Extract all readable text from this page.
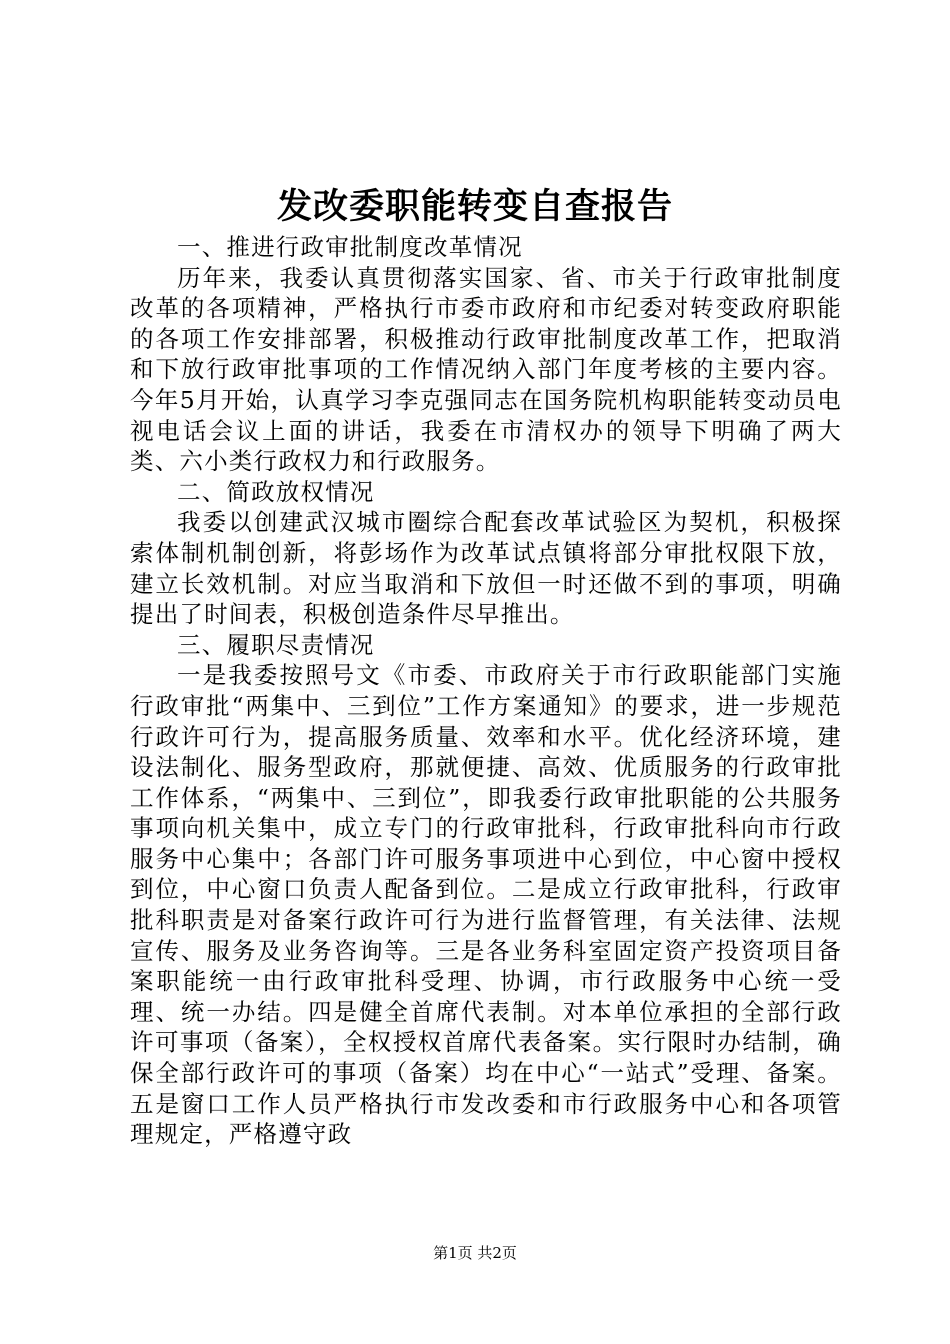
发改委职能转变自查报告

一、推进行政审批制度改革情况

历年来，我委认真贯彻落实国家、省、市关于行政审批制度改革的各项精神，严格执行市委市政府和市纪委对转变政府职能的各项工作安排部署，积极推动行政审批制度改革工作，把取消和下放行政审批事项的工作情况纳入部门年度考核的主要内容。今年5月开始，认真学习李克强同志在国务院机构职能转变动员电视电话会议上面的讲话，我委在市清权办的领导下明确了两大类、六小类行政权力和行政服务。

二、简政放权情况

我委以创建武汉城市圈综合配套改革试验区为契机，积极探索体制机制创新，将彭场作为改革试点镇将部分审批权限下放，建立长效机制。对应当取消和下放但一时还做不到的事项，明确提出了时间表，积极创造条件尽早推出。

三、履职尽责情况

一是我委按照号文《市委、市政府关于市行政职能部门实施行政审批“两集中、三到位”工作方案通知》的要求，进一步规范行政许可行为，提高服务质量、效率和水平。优化经济环境，建设法制化、服务型政府，那就便捷、高效、优质服务的行政审批工作体系，“两集中、三到位”，即我委行政审批职能的公共服务事项向机关集中，成立专门的行政审批科，行政审批科向市行政服务中心集中；各部门许可服务事项进中心到位，中心窗中授权到位，中心窗口负责人配备到位。二是成立行政审批科，行政审批科职责是对备案行政许可行为进行监督管理，有关法律、法规宣传、服务及业务咨询等。三是各业务科室固定资产投资项目备案职能统一由行政审批科受理、协调，市行政服务中心统一受理、统一办结。四是健全首席代表制。对本单位承担的全部行政许可事项（备案），全权授权首席代表备案。实行限时办结制，确保全部行政许可的事项（备案）均在中心“一站式”受理、备案。五是窗口工作人员严格执行市发改委和市行政服务中心和各项管理规定，严格遵守政

第1页 共2页
